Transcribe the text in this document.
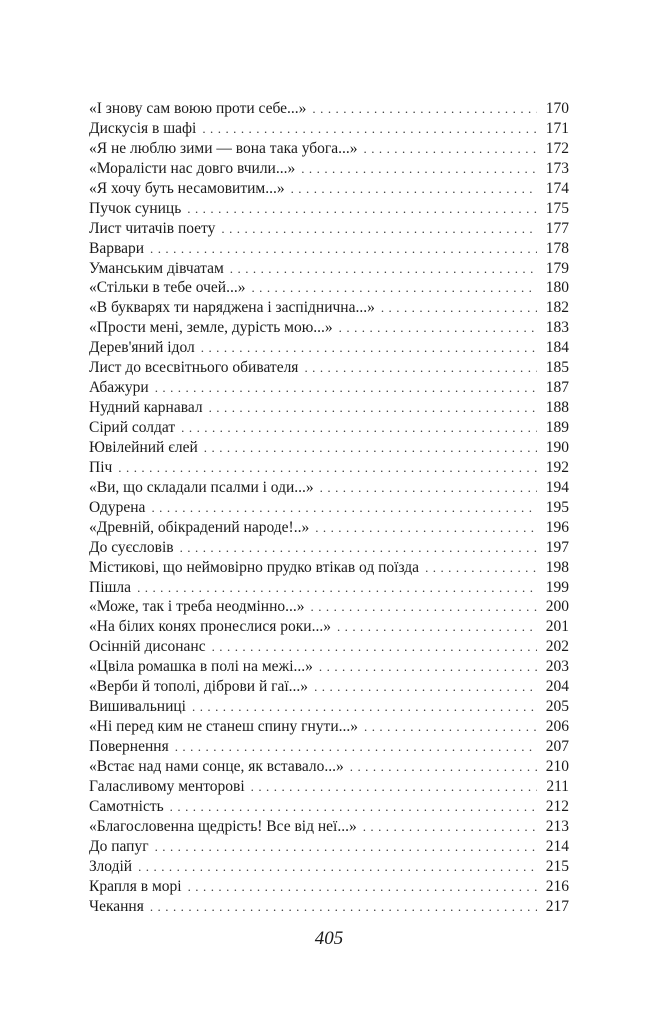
«І знову сам воюю проти себе...» . . .	170
Дискусія в шафі . . .	171
«Я не люблю зими — вона така убога...» . . .	172
«Моралісти нас довго вчили...» . . .	173
«Я хочу буть несамовитим...» . . .	174
Пучок суниць . . .	175
Лист читачів поету . . .	177
Варвари . . .	178
Уманським дівчатам . . .	179
«Стільки в тебе очей...» . . .	180
«В букварях ти наряджена і заспіднична...» . . .	182
«Прости мені, земле, дурість мою...» . . .	183
Дерев'яний ідол . . .	184
Лист до всесвітнього обивателя . . .	185
Абажури . . .	187
Нудний карнавал . . .	188
Сірий солдат . . .	189
Ювілейний єлей . . .	190
Піч . . .	192
«Ви, що складали псалми і оди...» . . .	194
Одурена . . .	195
«Древній, обікрадений народе!..» . . .	196
До суєсловів . . .	197
Містикові, що неймовірно прудко втікав од поїзда . . .	198
Пішла . . .	199
«Може, так і треба неодмінно...» . . .	200
«На білих конях пронеслися роки...» . . .	201
Осінній дисонанс . . .	202
«Цвіла ромашка в полі на межі...» . . .	203
«Верби й тополі, діброви й гаї...» . . .	204
Вишивальниці . . .	205
«Ні перед ким не станеш спину гнути...» . . .	206
Повернення . . .	207
«Встає над нами сонце, як вставало...» . . .	210
Галасливому менторові . . .	211
Самотність . . .	212
«Благословенна щедрість! Все від неї...» . . .	213
До папуг . . .	214
Злодій . . .	215
Крапля в морі . . .	216
Чекання . . .	217
405
